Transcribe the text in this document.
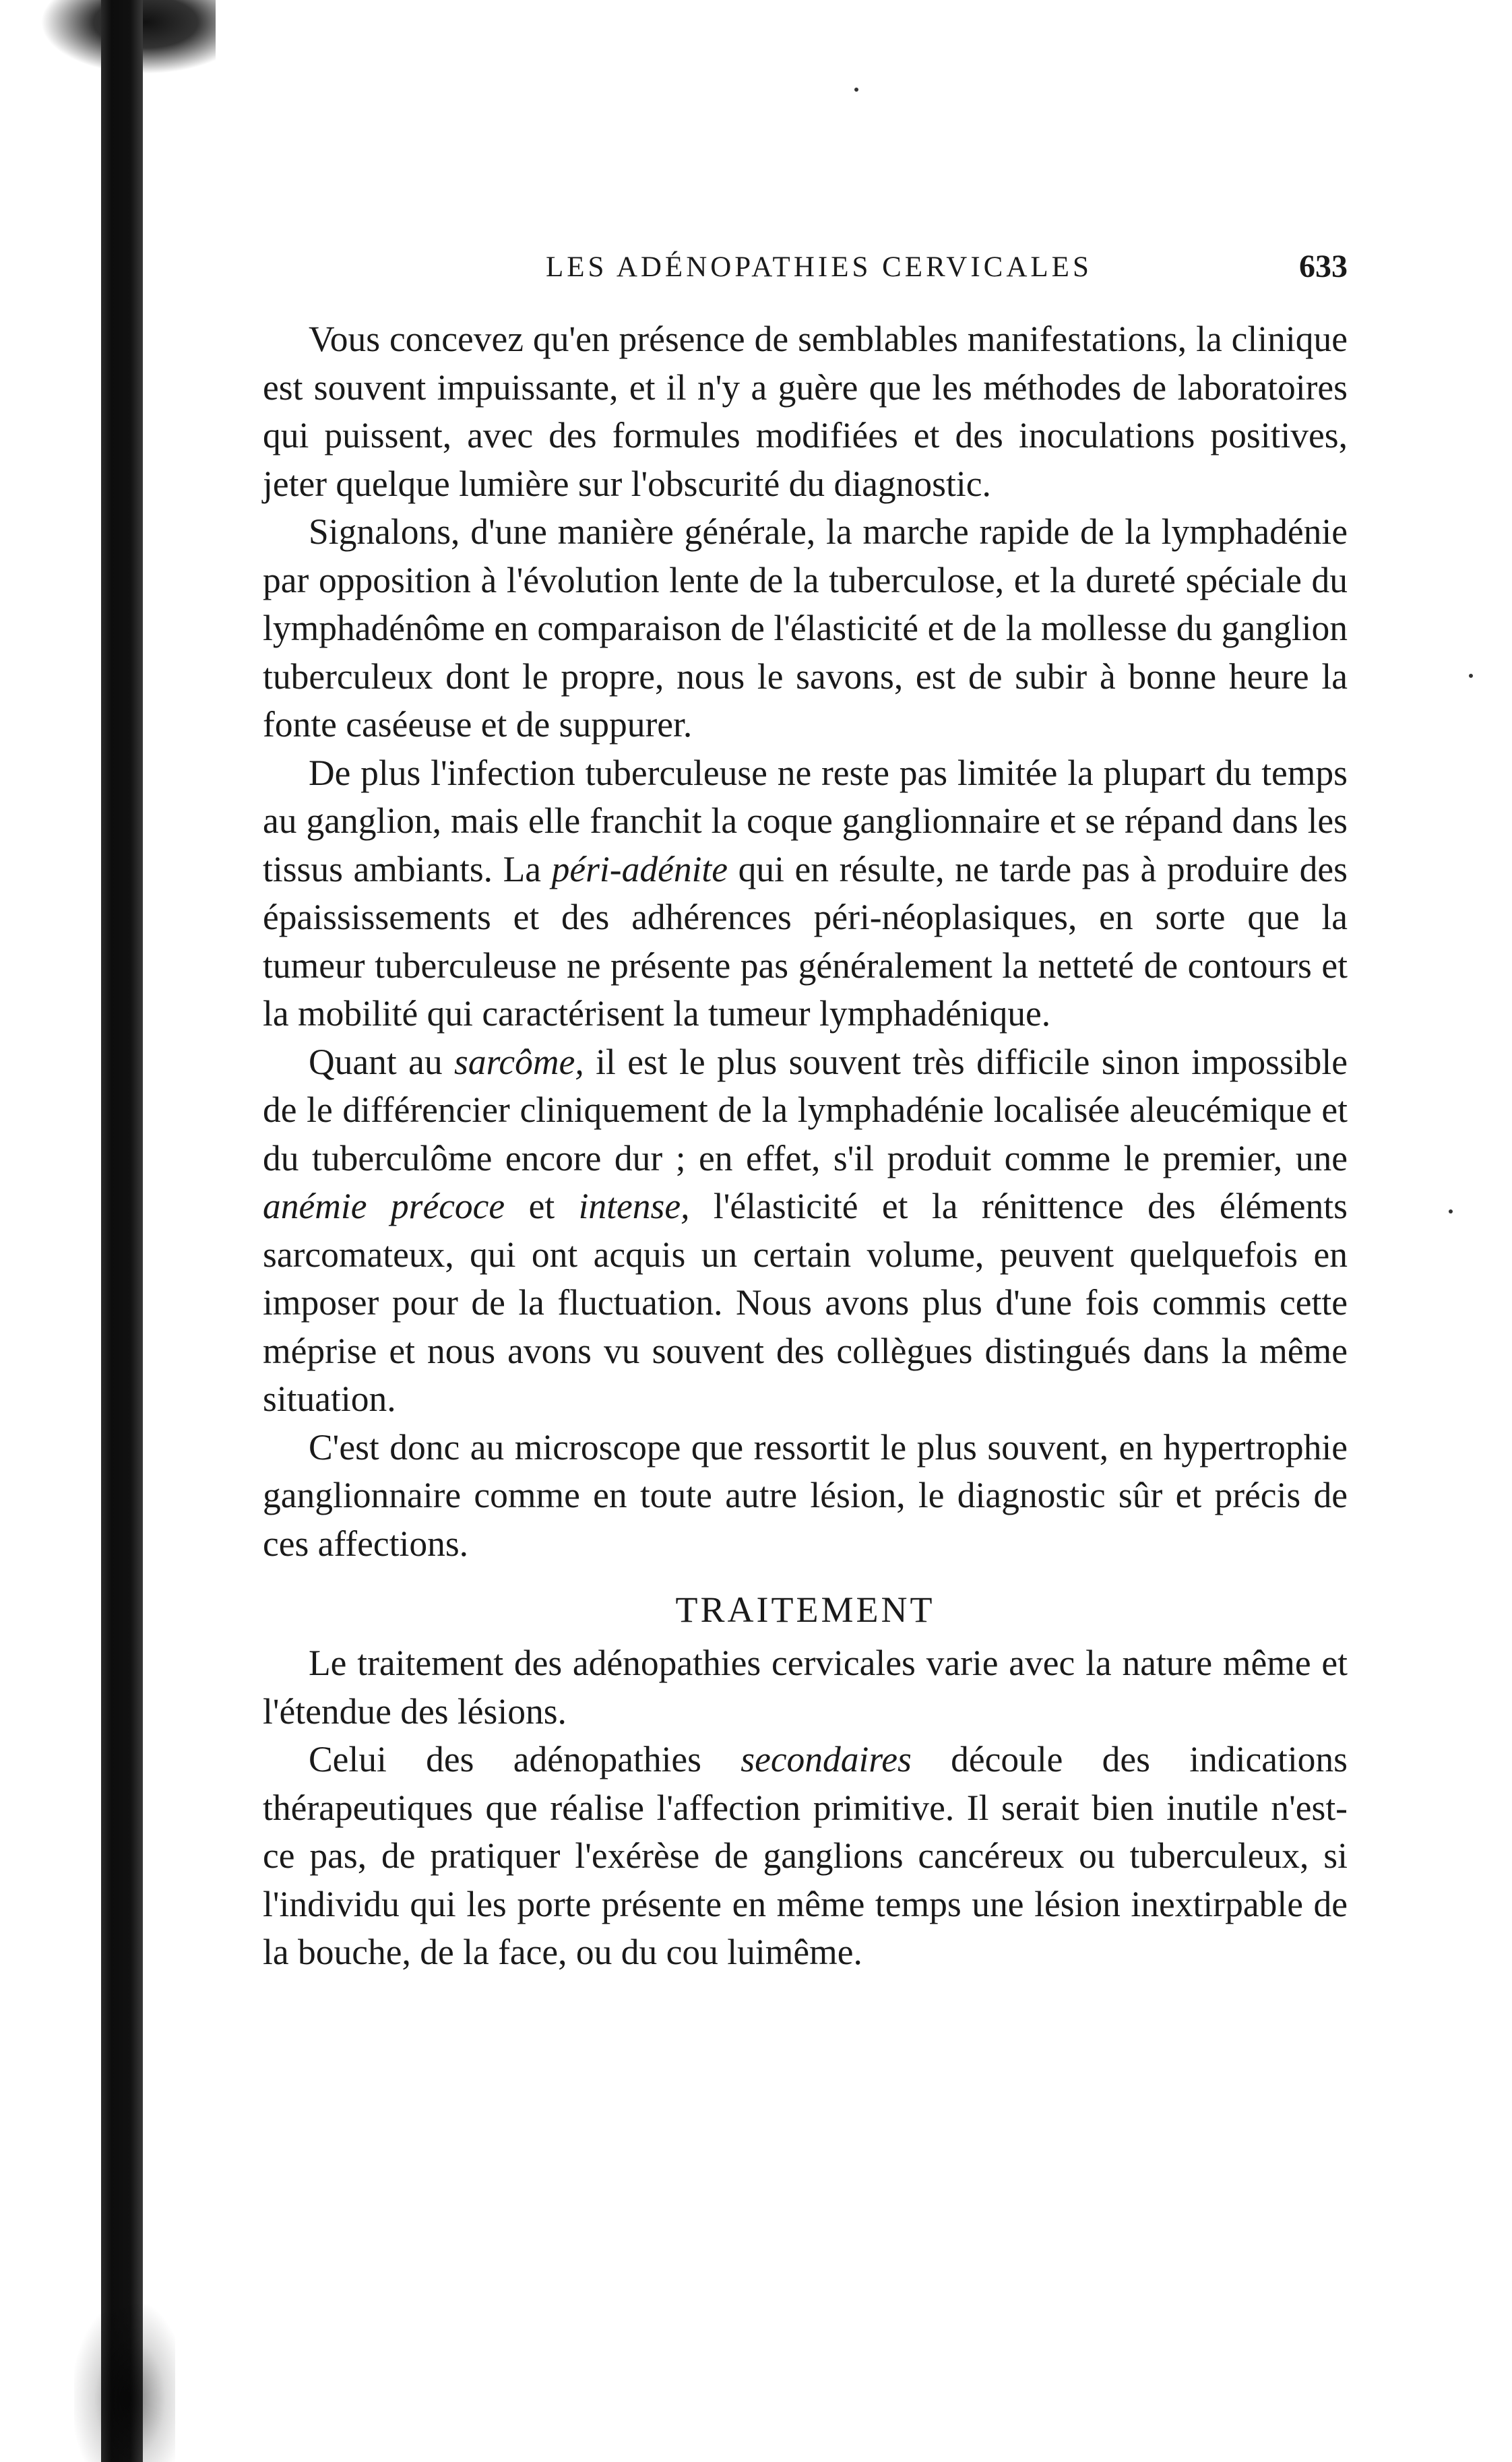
LES ADÉNOPATHIES CERVICALES	633

Vous concevez qu'en présence de semblables manifestations, la clinique est souvent impuissante, et il n'y a guère que les méthodes de laboratoires qui puissent, avec des formules modifiées et des inoculations positives, jeter quelque lumière sur l'obscurité du diagnostic.

Signalons, d'une manière générale, la marche rapide de la lymphadénie par opposition à l'évolution lente de la tuberculose, et la dureté spéciale du lymphadénôme en comparaison de l'élasticité et de la mollesse du ganglion tuberculeux dont le propre, nous le savons, est de subir à bonne heure la fonte caséeuse et de suppurer.

De plus l'infection tuberculeuse ne reste pas limitée la plupart du temps au ganglion, mais elle franchit la coque ganglionnaire et se répand dans les tissus ambiants. La péri-adénite qui en résulte, ne tarde pas à produire des épaississements et des adhérences péri-néoplasiques, en sorte que la tumeur tuberculeuse ne présente pas généralement la netteté de contours et la mobilité qui caractérisent la tumeur lymphadénique.

Quant au sarcôme, il est le plus souvent très difficile sinon impossible de le différencier cliniquement de la lymphadénie localisée aleucémique et du tuberculôme encore dur ; en effet, s'il produit comme le premier, une anémie précoce et intense, l'élasticité et la rénittence des éléments sarcomateux, qui ont acquis un certain volume, peuvent quelquefois en imposer pour de la fluctuation. Nous avons plus d'une fois commis cette méprise et nous avons vu souvent des collègues distingués dans la même situation.

C'est donc au microscope que ressortit le plus souvent, en hypertrophie ganglionnaire comme en toute autre lésion, le diagnostic sûr et précis de ces affections.

TRAITEMENT

Le traitement des adénopathies cervicales varie avec la nature même et l'étendue des lésions.

Celui des adénopathies secondaires découle des indications thérapeutiques que réalise l'affection primitive. Il serait bien inutile n'est-ce pas, de pratiquer l'exérèse de ganglions cancéreux ou tuberculeux, si l'individu qui les porte présente en même temps une lésion inextirpable de la bouche, de la face, ou du cou luimême.
